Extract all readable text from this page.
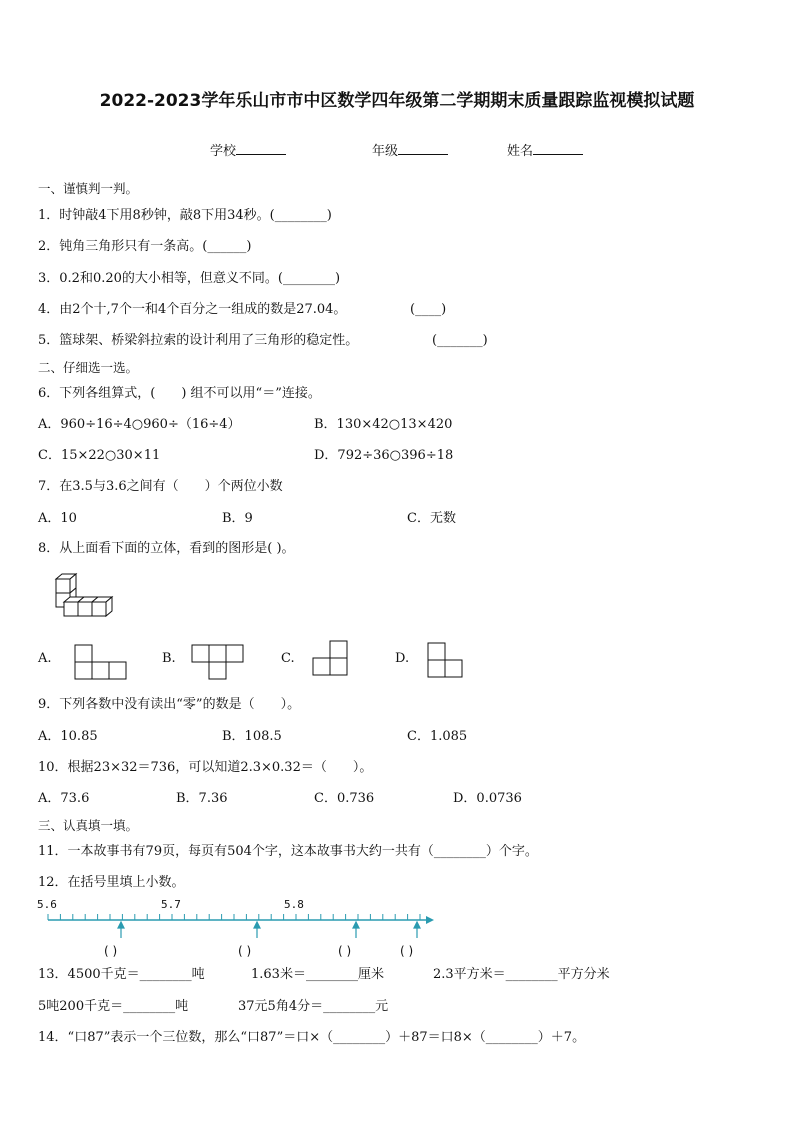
2022-2023学年乐山市市中区数学四年级第二学期期末质量跟踪监视模拟试题
学校	年级	姓名
一、谨慎判一判。
1．时钟敲4下用8秒钟，敲8下用34秒。(________)
2．钝角三角形只有一条高。(______)
3．0.2和0.20的大小相等，但意义不同。(________)
4．由2个十,7个一和4个百分之一组成的数是27.04。	(____)
5．篮球架、桥梁斜拉索的设计利用了三角形的稳定性。	(_______)
二、仔细选一选。
6．下列各组算式，(　　) 组不可以用“＝”连接。
A．960÷16÷4○960÷（16÷4）	B．130×42○13×420
C．15×22○30×11	D．792÷36○396÷18
7．在3.5与3.6之间有（　　）个两位小数
A．10	B．9	C．无数
8．从上面看下面的立体，看到的图形是( )。
A.	B.	C.	D.
9．下列各数中没有读出“零”的数是（　　）。
A．10.85	B．108.5	C．1.085
10．根据23×32＝736，可以知道2.3×0.32＝（　　）。
A．73.6	B．7.36	C．0.736	D．0.0736
三、认真填一填。
11．一本故事书有79页，每页有504个字，这本故事书大约一共有（________）个字。
12．在括号里填上小数。
5.6	5.7	5.8
( )	( )	( )	( )
13．4500千克＝________吨	1.63米＝________厘米	2.3平方米＝________平方分米
5吨200千克＝________吨	37元5角4分＝________元
14．“口87”表示一个三位数，那么“口87”＝口×（________）＋87＝口8×（________）＋7。
